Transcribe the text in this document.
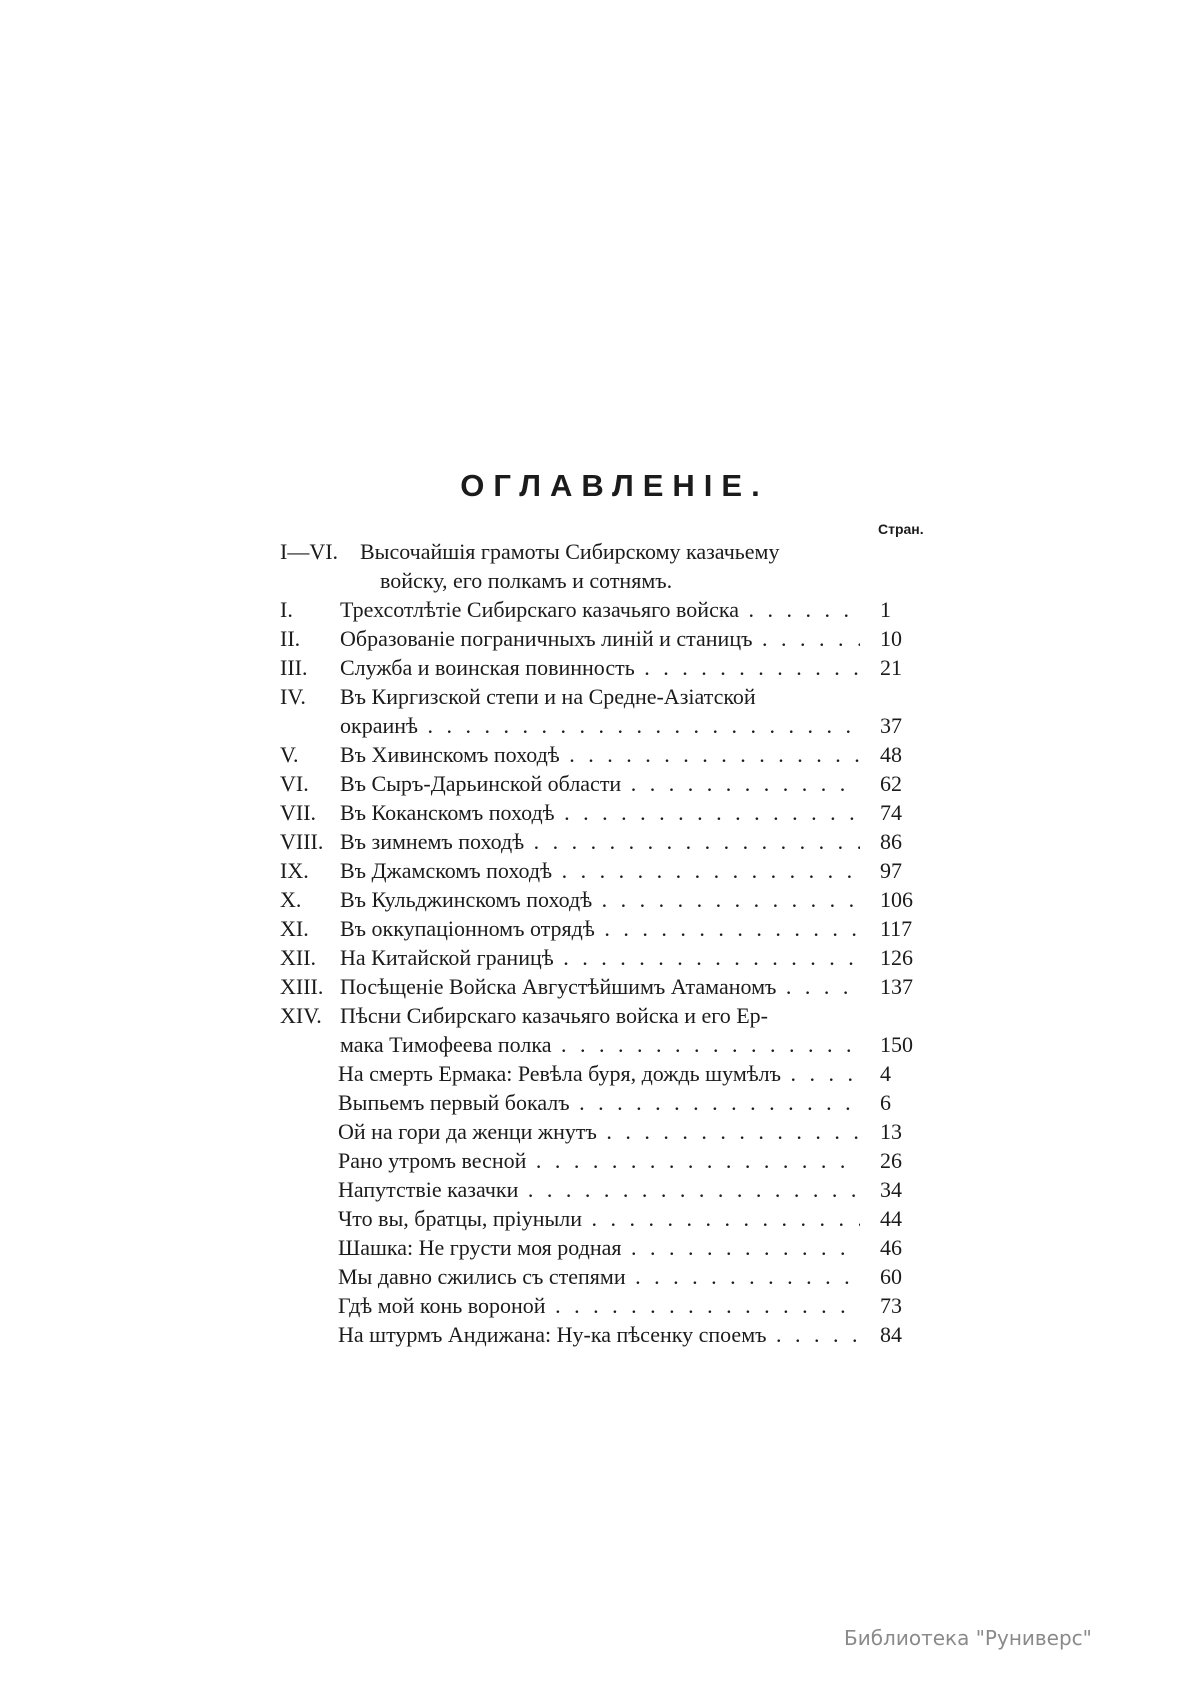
ОГЛАВЛЕНІЕ.
Стран.
I—VI. Высочайшія грамоты Сибирскому казачьему
войску, его полкамъ и сотнямъ.
I.	Трехсотлѣтіе Сибирскаго казачьяго войска . . .	1
II.	Образованіе пограничныхъ линій и станицъ . . .	10
III.	Служба и воинская повинность . . .	21
IV.	Въ Киргизской степи и на Средне-Азіатской
окраинѣ . . .	37
V.	Въ Хивинскомъ походѣ . . .	48
VI.	Въ Сыръ-Дарьинской области . . .	62
VII.	Въ Коканскомъ походѣ . . .	74
VIII. Въ зимнемъ походѣ . . .	86
IX.	Въ Джамскомъ походѣ . . .	97
X.	Въ Кульджинскомъ походѣ . . .	106
XI.	Въ оккупаціонномъ отрядѣ . . .	117
XII.	На Китайской границѣ . . .	126
XIII. Посѣщеніе Войска Августѣйшимъ Атаманомъ . . .	137
XIV. Пѣсни Сибирскаго казачьяго войска и его Ер-
мака Тимофеева полка . . .	150
На смерть Ермака: Ревѣла буря, дождь шумѣлъ . . .	4
Выпьемъ первый бокалъ . . .	6
Ой на гори да женци жнутъ . . .	13
Рано утромъ весной . . .	26
Напутствіе казачки . . .	34
Что вы, братцы, пріуныли . . .	44
Шашка: Не грусти моя родная . . .	46
Мы давно сжились съ степями . . .	60
Гдѣ мой конь вороной . . .	73
На штурмъ Андижана: Ну-ка пѣсенку споемъ . . .	84
Библиотека "Руниверс"
